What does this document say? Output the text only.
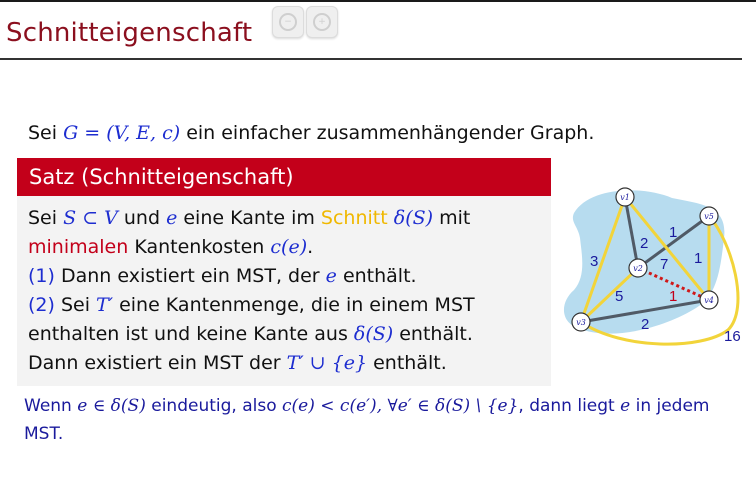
−	+
Schnitteigenschaft
Sei G = (V, E, c) ein einfacher zusammenhängender Graph.
Satz (Schnitteigenschaft)
Sei S ⊂ V und e eine Kante im Schnitt δ(S) mit
minimalen Kantenkosten c(e).
(1) Dann existiert ein MST, der e enthält.
(2) Sei T′ eine Kantenmenge, die in einem MST
enthalten ist und keine Kante aus δ(S) enthält.
Dann existiert ein MST der T′ ∪ {e} enthält.
Wenn e ∈ δ(S) eindeutig, also c(e) < c(e′), ∀e′ ∈ δ(S) \ {e}, dann liegt e in jedem MST.
v1
v2
v3
v4
v5
2
3	7
1
1
1
5
2
16
